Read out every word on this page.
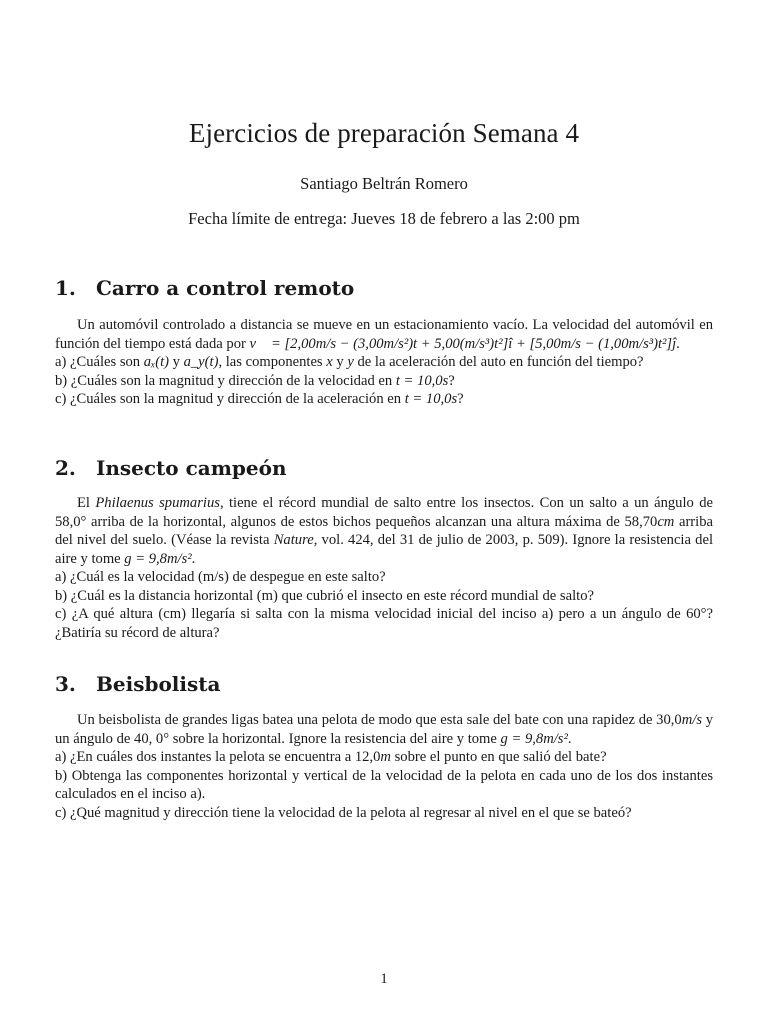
Ejercicios de preparación Semana 4
Santiago Beltrán Romero
Fecha límite de entrega: Jueves 18 de febrero a las 2:00 pm
1. Carro a control remoto

Un automóvil controlado a distancia se mueve en un estacionamiento vacío. La velocidad del automóvil en función del tiempo está dada por v⃗ = [2,00m/s − (3,00m/s²)t + 5,00(m/s³)t²]î + [5,00m/s − (1,00m/s³)t²]ĵ.

a) ¿Cuáles son aₓ(t) y a_y(t), las componentes x y y de la aceleración del auto en función del tiempo?

b) ¿Cuáles son la magnitud y dirección de la velocidad en t = 10,0s?

c) ¿Cuáles son la magnitud y dirección de la aceleración en t = 10,0s?

2. Insecto campeón

El Philaenus spumarius, tiene el récord mundial de salto entre los insectos. Con un salto a un ángulo de 58,0° arriba de la horizontal, algunos de estos bichos pequeños alcanzan una altura máxima de 58,70cm arriba del nivel del suelo. (Véase la revista Nature, vol. 424, del 31 de julio de 2003, p. 509). Ignore la resistencia del aire y tome g = 9,8m/s².

a) ¿Cuál es la velocidad (m/s) de despegue en este salto?

b) ¿Cuál es la distancia horizontal (m) que cubrió el insecto en este récord mundial de salto?

c) ¿A qué altura (cm) llegaría si salta con la misma velocidad inicial del inciso a) pero a un ángulo de 60°? ¿Batiría su récord de altura?

3. Beisbolista

Un beisbolista de grandes ligas batea una pelota de modo que esta sale del bate con una rapidez de 30,0m/s y un ángulo de 40, 0° sobre la horizontal. Ignore la resistencia del aire y tome g = 9,8m/s².

a) ¿En cuáles dos instantes la pelota se encuentra a 12,0m sobre el punto en que salió del bate?

b) Obtenga las componentes horizontal y vertical de la velocidad de la pelota en cada uno de los dos instantes calculados en el inciso a).

c) ¿Qué magnitud y dirección tiene la velocidad de la pelota al regresar al nivel en el que se bateó?

1
